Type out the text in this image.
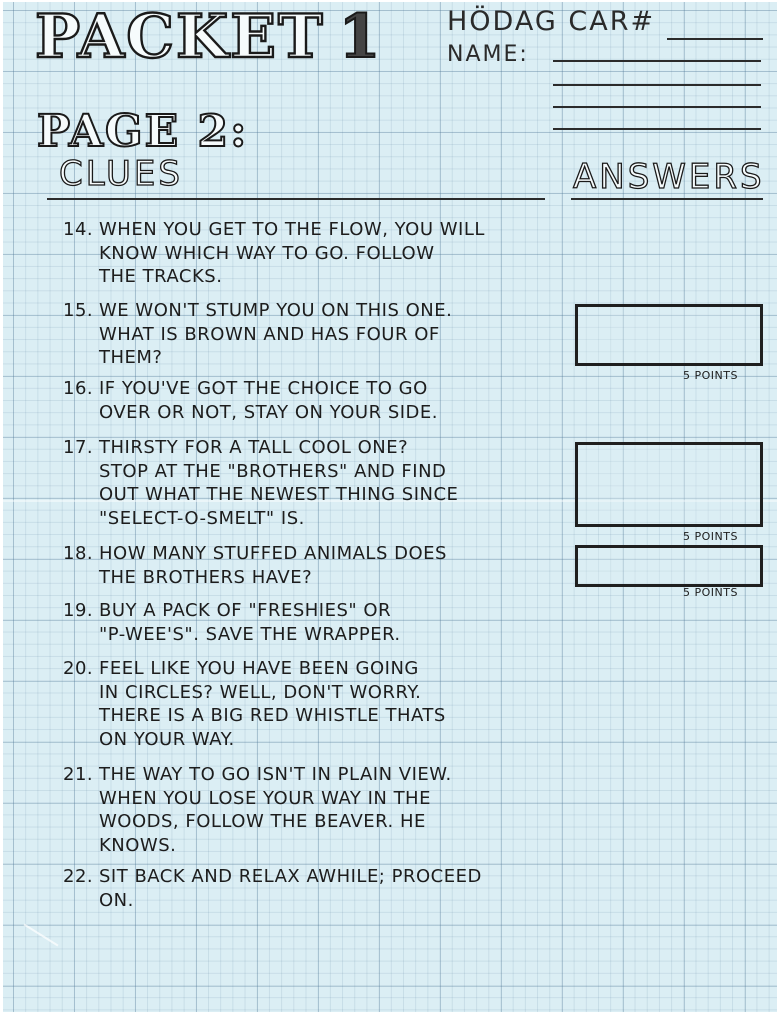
PACKET 1 HÖDAG CAR#
NAME:
PAGE 2:
CLUES	ANSWERS
14. WHEN YOU GET TO THE FLOW, YOU WILL
KNOW WHICH WAY TO GO. FOLLOW
THE TRACKS.
15. WE WON'T STUMP YOU ON THIS ONE.
WHAT IS BROWN AND HAS FOUR OF
THEM?
16. IF YOU'VE GOT THE CHOICE TO GO
OVER OR NOT, STAY ON YOUR SIDE.
17. THIRSTY FOR A TALL COOL ONE?
STOP AT THE "BROTHERS" AND FIND
OUT WHAT THE NEWEST THING SINCE
"SELECT-O-SMELT" IS.
18. HOW MANY STUFFED ANIMALS DOES
THE BROTHERS HAVE?
19. BUY A PACK OF "FRESHIES" OR
"P-WEE'S". SAVE THE WRAPPER.
20. FEEL LIKE YOU HAVE BEEN GOING
IN CIRCLES? WELL, DON'T WORRY.
THERE IS A BIG RED WHISTLE THATS
ON YOUR WAY.
21. THE WAY TO GO ISN'T IN PLAIN VIEW.
WHEN YOU LOSE YOUR WAY IN THE
WOODS, FOLLOW THE BEAVER. HE
KNOWS.
22. SIT BACK AND RELAX AWHILE; PROCEED
ON.
5 POINTS
5 POINTS
5 POINTS
